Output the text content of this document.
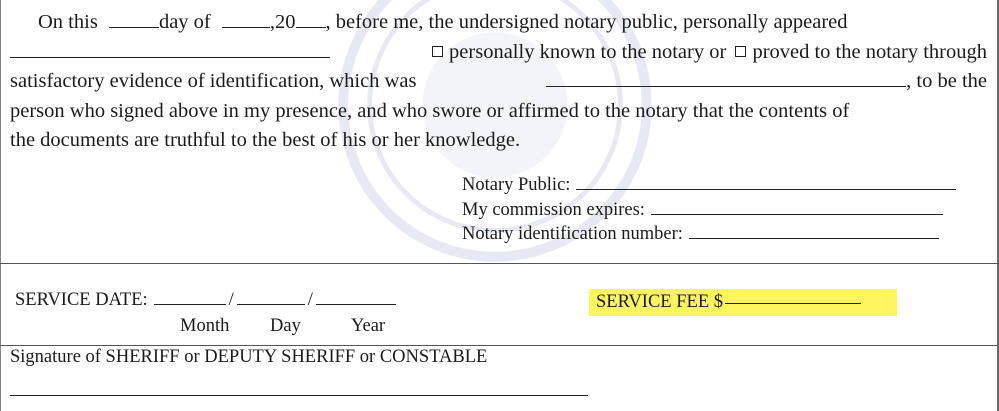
On this	day of	,20 , before me, the undersigned notary public, personally appeared
personally known to the notary or proved to the notary through
satisfactory evidence of identification, which was	, to be the
person who signed above in my presence, and who swore or affirmed to the notary that the contents of
the documents are truthful to the best of his or her knowledge.
Notary Public:
My commission expires:
Notary identification number:
SERVICE DATE:	/	/
Month Day	Year
SERVICE FEE $
Signature of SHERIFF or DEPUTY SHERIFF or CONSTABLE
